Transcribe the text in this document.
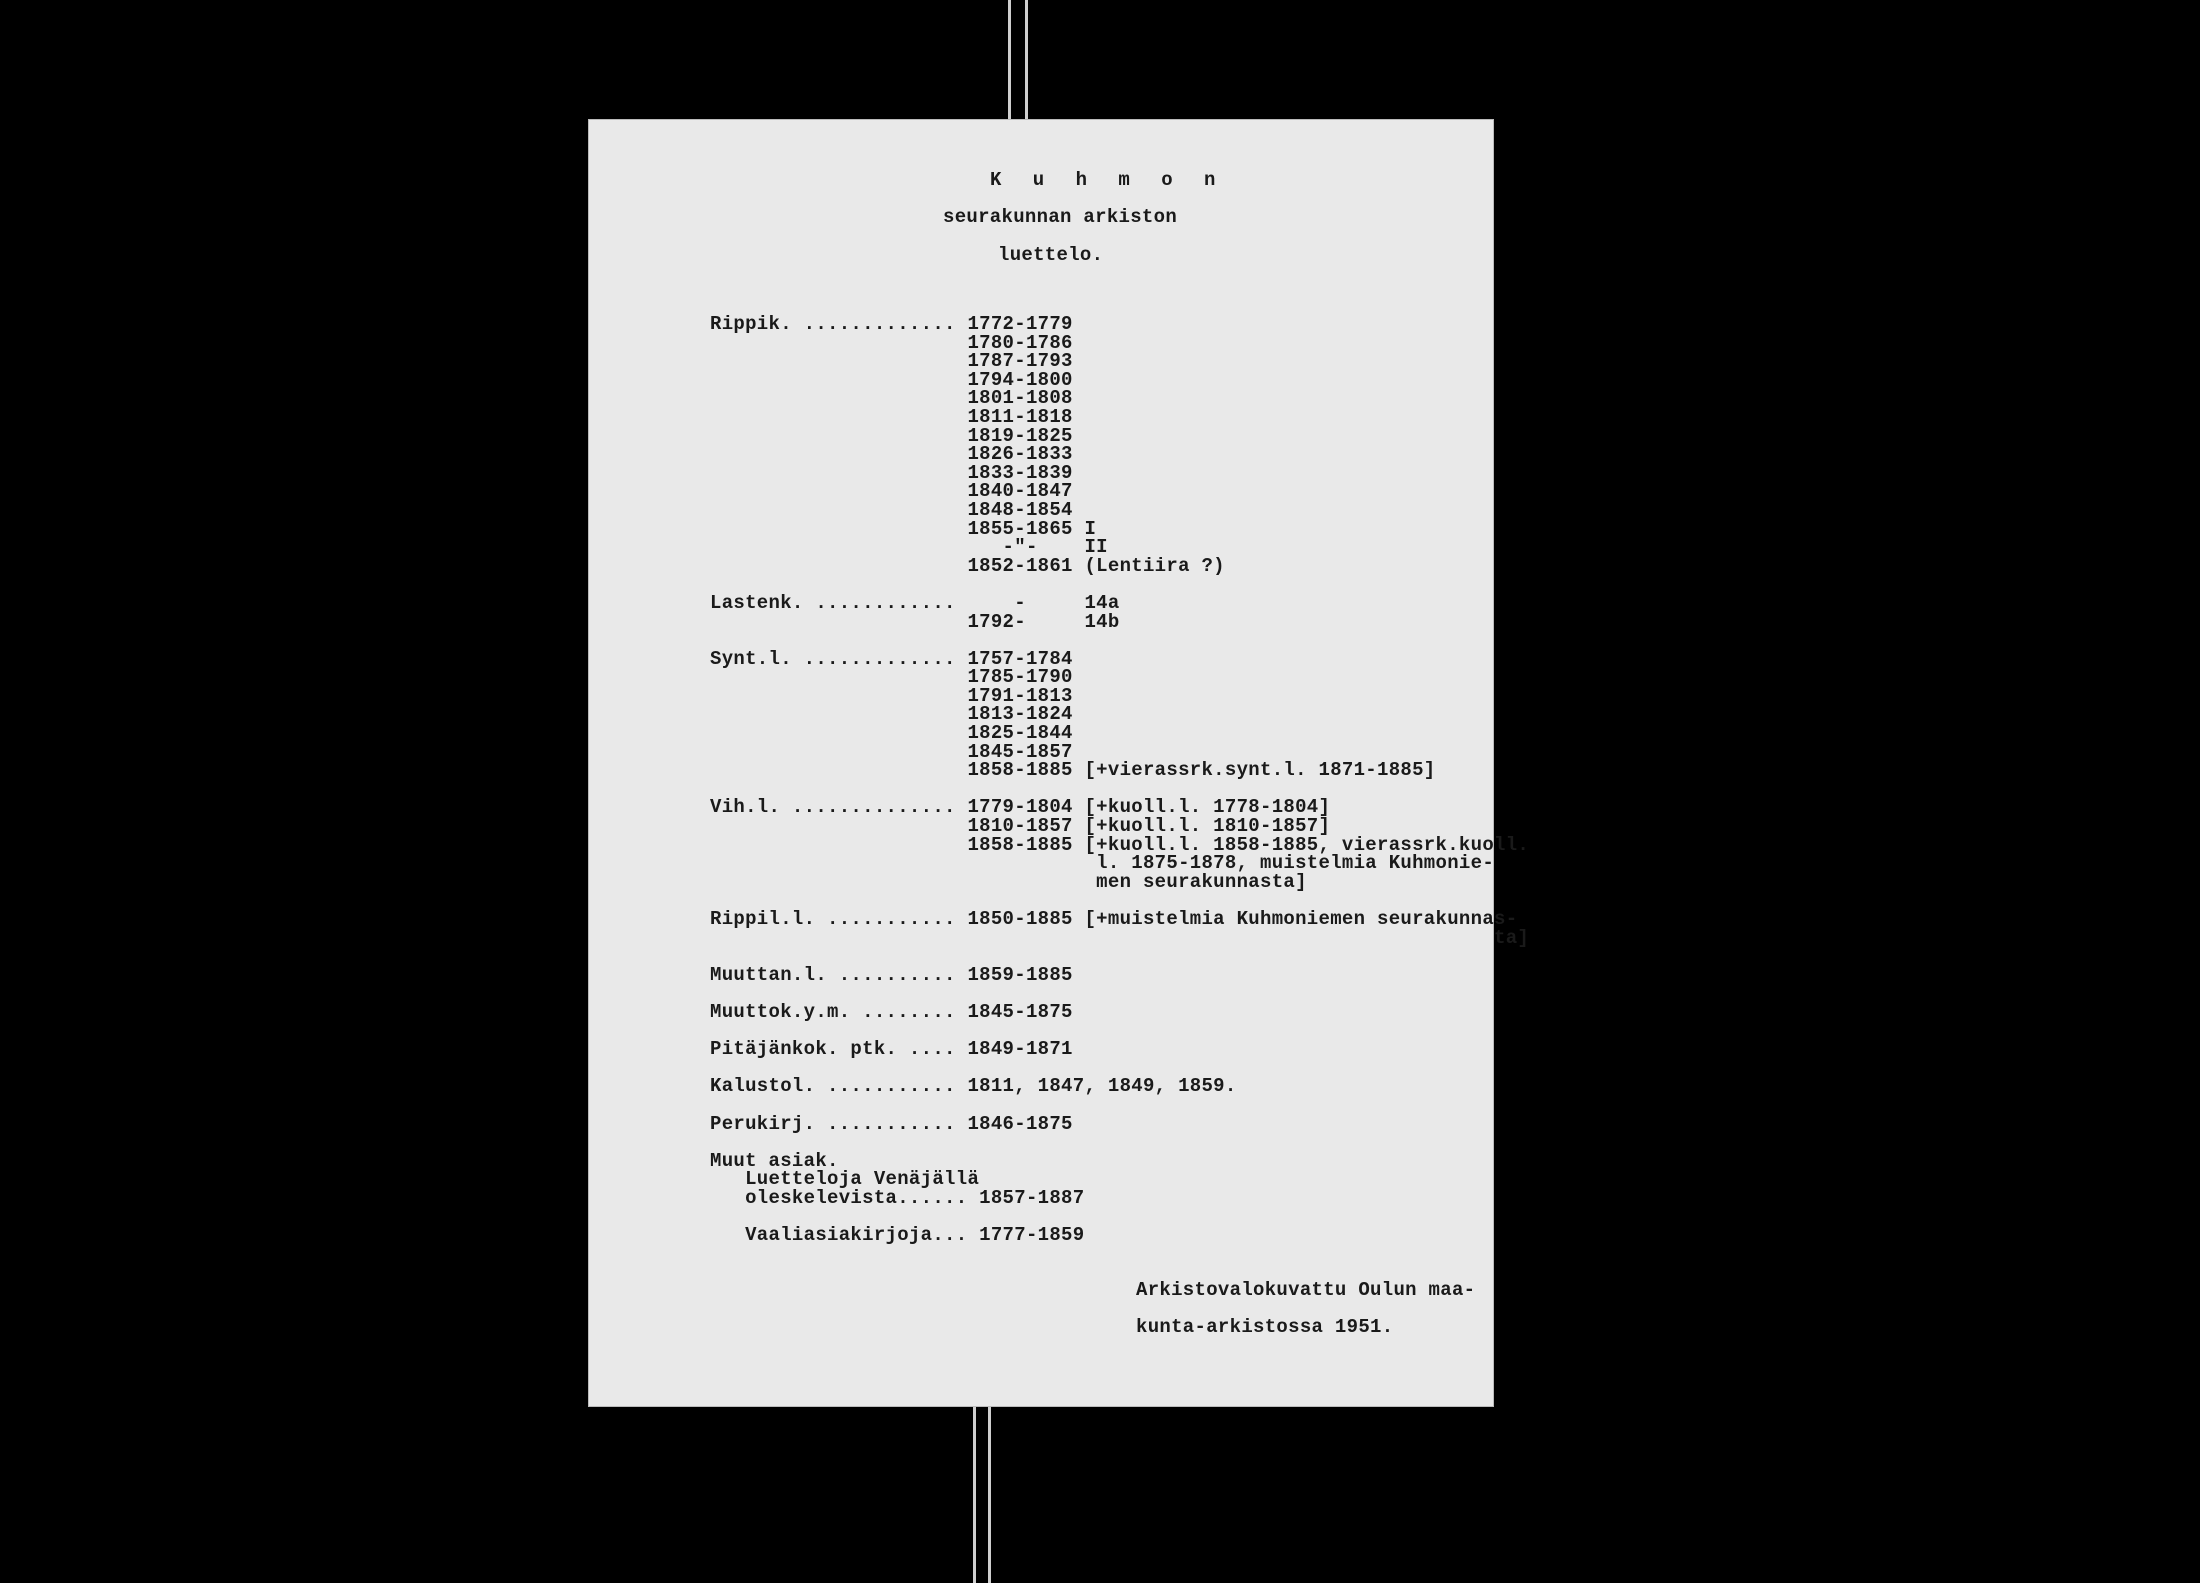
K u h m o n
seurakunnan arkiston
luettelo.
Rippik. ............. 1772-1779
1780-1786
1787-1793
1794-1800
1801-1808
1811-1818
1819-1825
1826-1833
1833-1839
1840-1847
1848-1854
1855-1865 I
-"-    II
1852-1861 (Lentiira ?)

Lastenk. ............     -     14a
1792-     14b

Synt.l. ............. 1757-1784
1785-1790
1791-1813
1813-1824
1825-1844
1845-1857
1858-1885 [+vierassrk.synt.l. 1871-1885]

Vih.l. .............. 1779-1804 [+kuoll.l. 1778-1804]
1810-1857 [+kuoll.l. 1810-1857]
1858-1885 [+kuoll.l. 1858-1885, vierassrk.kuoll.
l. 1875-1878, muistelmia Kuhmonie-
men seurakunnasta]

Rippil.l. ........... 1850-1885 [+muistelmia Kuhmoniemen seurakunnas-
ta]

Muuttan.l. .......... 1859-1885

Muuttok.y.m. ........ 1845-1875

Pitäjänkok. ptk. .... 1849-1871

Kalustol. ........... 1811, 1847, 1849, 1859.

Perukirj. ........... 1846-1875

Muut asiak.
Luetteloja Venäjällä
oleskelevista...... 1857-1887

Vaaliasiakirjoja... 1777-1859
Arkistovalokuvattu Oulun maa-

kunta-arkistossa 1951.
